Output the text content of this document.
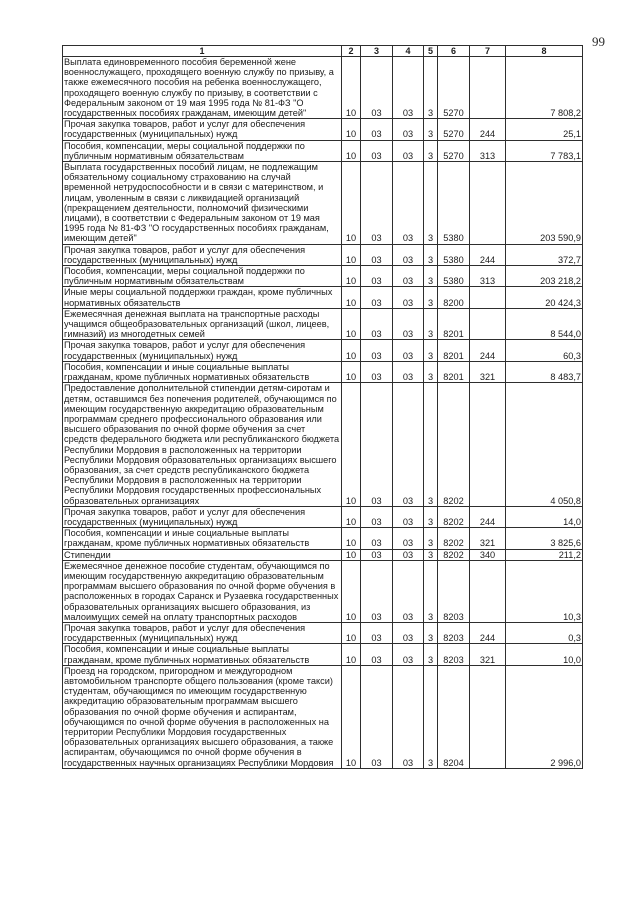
99
1	2	3	4	5	6	7	8
Выплата единовременного пособия беременной жене военнослужащего, проходящего военную службу по призыву, а также ежемесячного пособия на ребенка военнослужащего, проходящего военную службу по призыву, в соответствии с Федеральным законом от 19 мая 1995 года № 81-ФЗ "О государственных пособиях гражданам, имеющим детей"	10	03	03	3	5270		7 808,2
Прочая закупка товаров, работ и услуг для обеспечения государственных (муниципальных) нужд	10	03	03	3	5270	244	25,1
Пособия, компенсации, меры социальной поддержки по публичным нормативным обязательствам	10	03	03	3	5270	313	7 783,1
Выплата государственных пособий лицам, не подлежащим обязательному социальному страхованию на случай временной нетрудоспособности и в связи с материнством, и лицам, уволенным в связи с ликвидацией организаций (прекращением деятельности, полномочий физическими лицами), в соответствии с Федеральным законом от 19 мая 1995 года № 81-ФЗ "О государственных пособиях гражданам, имеющим детей"	10	03	03	3	5380		203 590,9
Прочая закупка товаров, работ и услуг для обеспечения государственных (муниципальных) нужд	10	03	03	3	5380	244	372,7
Пособия, компенсации, меры социальной поддержки по публичным нормативным обязательствам	10	03	03	3	5380	313	203 218,2
Иные меры социальной поддержки граждан, кроме публичных нормативных обязательств	10	03	03	3	8200		20 424,3
Ежемесячная денежная выплата на транспортные расходы учащимся общеобразовательных организаций (школ, лицеев, гимназий) из многодетных семей	10	03	03	3	8201		8 544,0
Прочая закупка товаров, работ и услуг для обеспечения государственных (муниципальных) нужд	10	03	03	3	8201	244	60,3
Пособия, компенсации и иные социальные выплаты гражданам, кроме публичных нормативных обязательств	10	03	03	3	8201	321	8 483,7
Предоставление дополнительной стипендии детям-сиротам и детям, оставшимся без попечения родителей, обучающимся по имеющим государственную аккредитацию образовательным программам среднего профессионального образования или высшего образования по очной форме обучения за счет средств федерального бюджета или республиканского бюджета Республики Мордовия в расположенных на территории Республики Мордовия образовательных организациях высшего образования, за счет средств республиканского бюджета Республики Мордовия в расположенных на территории Республики Мордовия государственных профессиональных образовательных организациях	10	03	03	3	8202		4 050,8
Прочая закупка товаров, работ и услуг для обеспечения государственных (муниципальных) нужд	10	03	03	3	8202	244	14,0
Пособия, компенсации и иные социальные выплаты гражданам, кроме публичных нормативных обязательств	10	03	03	3	8202	321	3 825,6
Стипендии	10	03	03	3	8202	340	211,2
Ежемесячное денежное пособие студентам, обучающимся по имеющим государственную аккредитацию образовательным программам высшего образования по очной форме обучения в расположенных в городах Саранск и Рузаевка государственных образовательных организациях высшего образования, из малоимущих семей на оплату транспортных расходов	10	03	03	3	8203		10,3
Прочая закупка товаров, работ и услуг для обеспечения государственных (муниципальных) нужд	10	03	03	3	8203	244	0,3
Пособия, компенсации и иные социальные выплаты гражданам, кроме публичных нормативных обязательств	10	03	03	3	8203	321	10,0
Проезд на городском, пригородном и междугородном автомобильном транспорте общего пользования (кроме такси) студентам, обучающимся по имеющим государственную аккредитацию образовательным программам высшего образования по очной форме обучения и аспирантам, обучающимся по очной форме обучения в расположенных на территории Республики Мордовия государственных образовательных организациях высшего образования, а также аспирантам, обучающимся по очной форме обучения в государственных научных организациях Республики Мордовия	10	03	03	3	8204		2 996,0
